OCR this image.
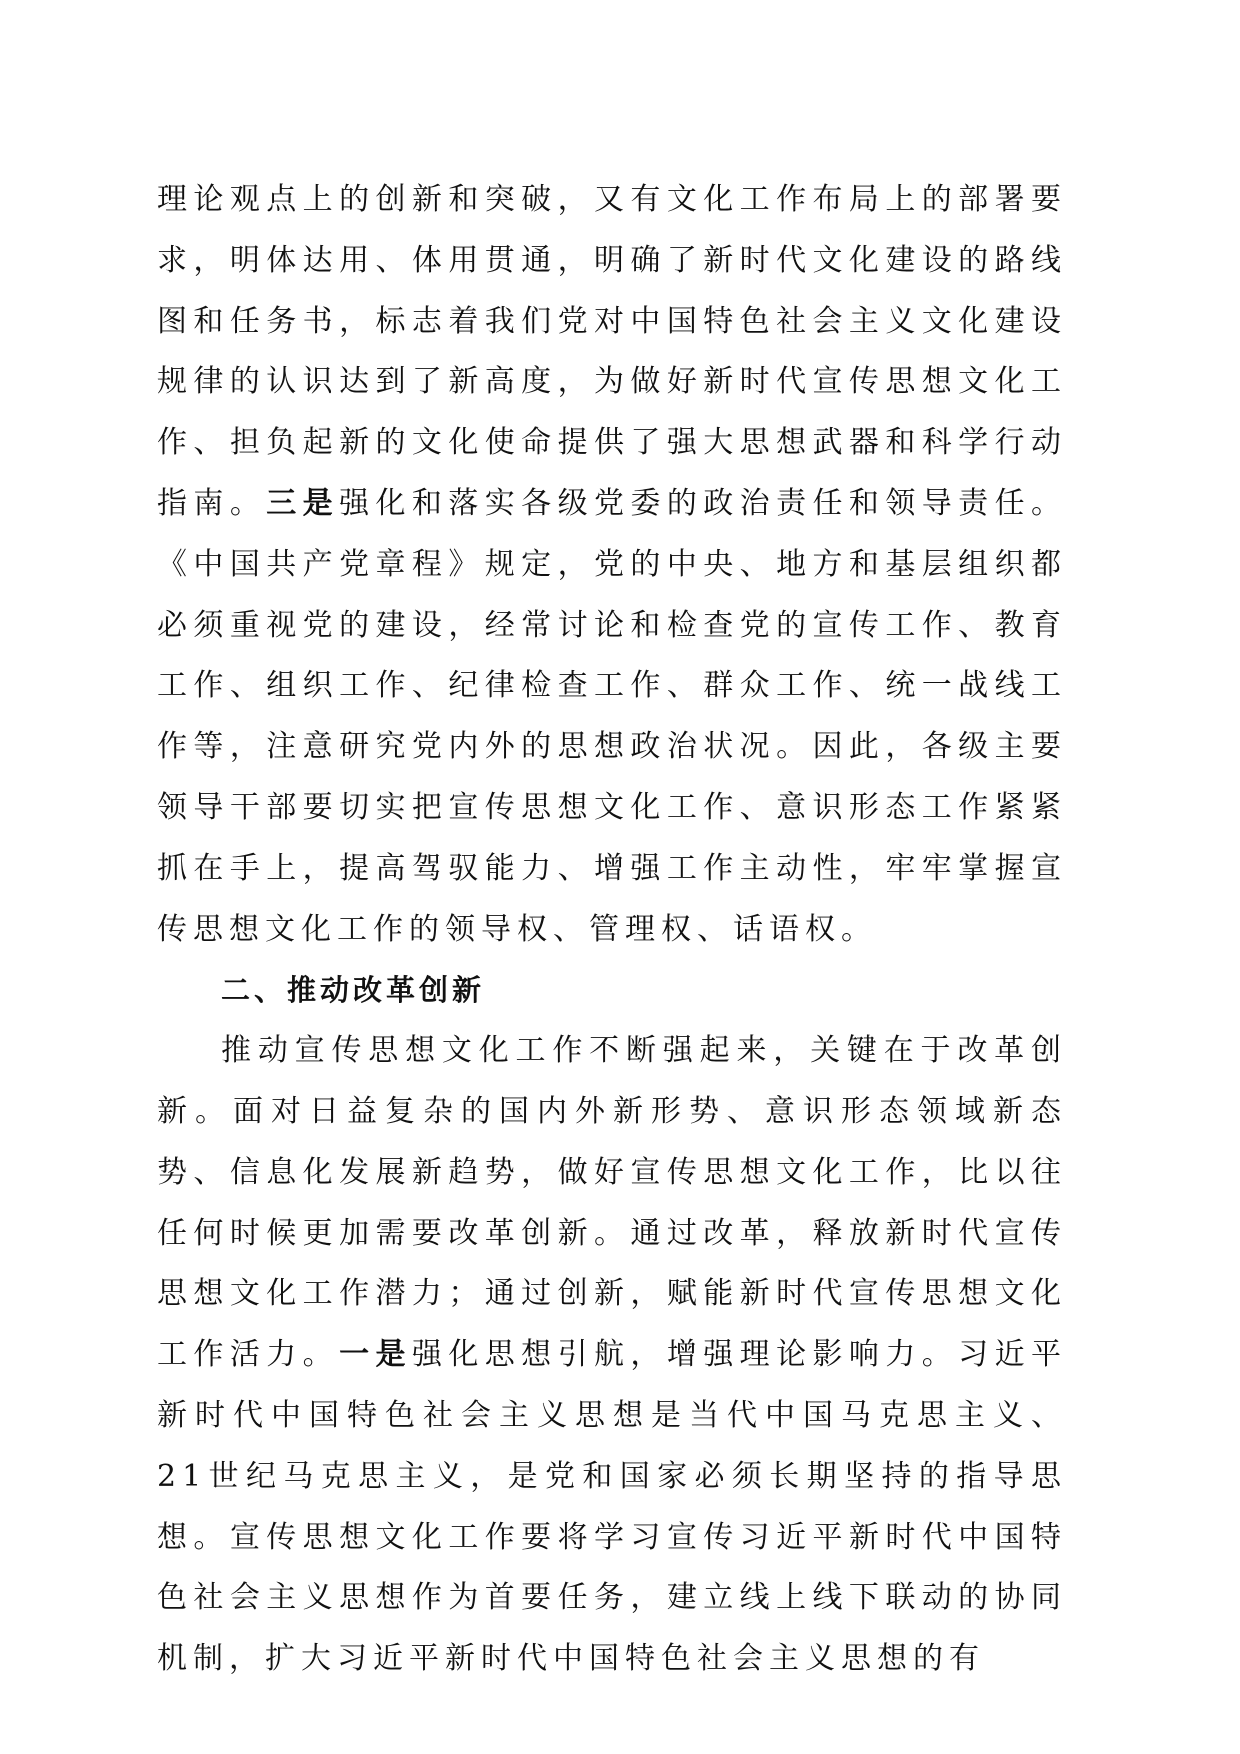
理论观点上的创新和突破，又有文化工作布局上的部署要求，明体达用、体用贯通，明确了新时代文化建设的路线图和任务书，标志着我们党对中国特色社会主义文化建设规律的认识达到了新高度，为做好新时代宣传思想文化工作、担负起新的文化使命提供了强大思想武器和科学行动指南。三是强化和落实各级党委的政治责任和领导责任。《中国共产党章程》规定，党的中央、地方和基层组织都必须重视党的建设，经常讨论和检查党的宣传工作、教育工作、组织工作、纪律检查工作、群众工作、统一战线工作等，注意研究党内外的思想政治状况。因此，各级主要领导干部要切实把宣传思想文化工作、意识形态工作紧紧抓在手上，提高驾驭能力、增强工作主动性，牢牢掌握宣传思想文化工作的领导权、管理权、话语权。

二、推动改革创新

推动宣传思想文化工作不断强起来，关键在于改革创新。面对日益复杂的国内外新形势、意识形态领域新态势、信息化发展新趋势，做好宣传思想文化工作，比以往任何时候更加需要改革创新。通过改革，释放新时代宣传思想文化工作潜力；通过创新，赋能新时代宣传思想文化工作活力。一是强化思想引航，增强理论影响力。习近平新时代中国特色社会主义思想是当代中国马克思主义、21世纪马克思主义，是党和国家必须长期坚持的指导思想。宣传思想文化工作要将学习宣传习近平新时代中国特色社会主义思想作为首要任务，建立线上线下联动的协同机制，扩大习近平新时代中国特色社会主义思想的有
